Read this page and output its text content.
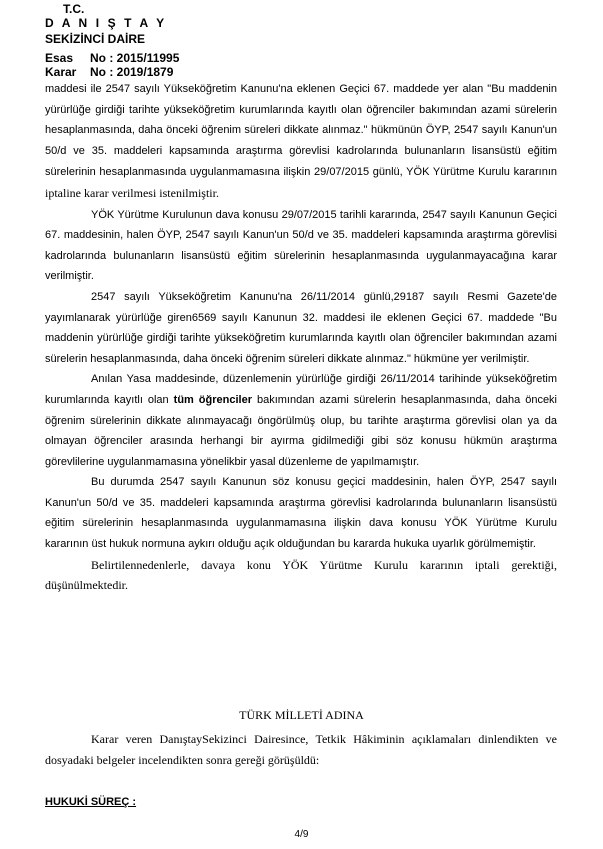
T.C.
D A N I Ş T A Y
SEKİZİNCİ DAİRE
Esas No : 2015/11995
Karar No : 2019/1879

maddesi ile 2547 sayılı Yükseköğretim Kanunu'na eklenen Geçici 67. maddede yer alan "Bu maddenin yürürlüğe girdiği tarihte yükseköğretim kurumlarında kayıtlı olan öğrenciler bakımından azami sürelerin hesaplanmasında, daha önceki öğrenim süreleri dikkate alınmaz." hükmünün ÖYP, 2547 sayılı Kanun'un 50/d ve 35. maddeleri kapsamında araştırma görevlisi kadrolarında bulunanların lisansüstü eğitim sürelerinin hesaplanmasında uygulanmamasına ilişkin 29/07/2015 günlü, YÖK Yürütme Kurulu kararının iptaline karar verilmesi istenilmiştir.

YÖK Yürütme Kurulunun dava konusu 29/07/2015 tarihli kararında, 2547 sayılı Kanunun Geçici 67. maddesinin, halen ÖYP, 2547 sayılı Kanun'un 50/d ve 35. maddeleri kapsamında araştırma görevlisi kadrolarında bulunanların lisansüstü eğitim sürelerinin hesaplanmasında uygulanmayacağına karar verilmiştir.

2547 sayılı Yükseköğretim Kanunu'na 26/11/2014 günlü,29187 sayılı Resmi Gazete'de yayımlanarak yürürlüğe giren6569 sayılı Kanunun 32. maddesi ile eklenen Geçici 67. maddede "Bu maddenin yürürlüğe girdiği tarihte yükseköğretim kurumlarında kayıtlı olan öğrenciler bakımından azami sürelerin hesaplanmasında, daha önceki öğrenim süreleri dikkate alınmaz." hükmüne yer verilmiştir.

Anılan Yasa maddesinde, düzenlemenin yürürlüğe girdiği 26/11/2014 tarihinde yükseköğretim kurumlarında kayıtlı olan tüm öğrenciler bakımından azami sürelerin hesaplanmasında, daha önceki öğrenim sürelerinin dikkate alınmayacağı öngörülmüş olup, bu tarihte araştırma görevlisi olan ya da olmayan öğrenciler arasında herhangi bir ayırma gidilmediği gibi söz konusu hükmün araştırma görevlilerine uygulanmamasına yönelikbir yasal düzenleme de yapılmamıştır.

Bu durumda 2547 sayılı Kanunun söz konusu geçici maddesinin, halen ÖYP, 2547 sayılı Kanun'un 50/d ve 35. maddeleri kapsamında araştırma görevlisi kadrolarında bulunanların lisansüstü eğitim sürelerinin hesaplanmasında uygulanmamasına ilişkin dava konusu YÖK Yürütme Kurulu kararının üst hukuk normuna aykırı olduğu açık olduğundan bu kararda hukuka uyarlık görülmemiştir.

Belirtilennedenlerle, davaya konu YÖK Yürütme Kurulu kararının iptali gerektiği, düşünülmektedir.

TÜRK MİLLETİ ADINA

Karar veren DanıştaySekizinci Dairesince, Tetkik Hâkiminin açıklamaları dinlendikten ve dosyadaki belgeler incelendikten sonra gereği görüşüldü:

HUKUKİ SÜREÇ :
4/9
